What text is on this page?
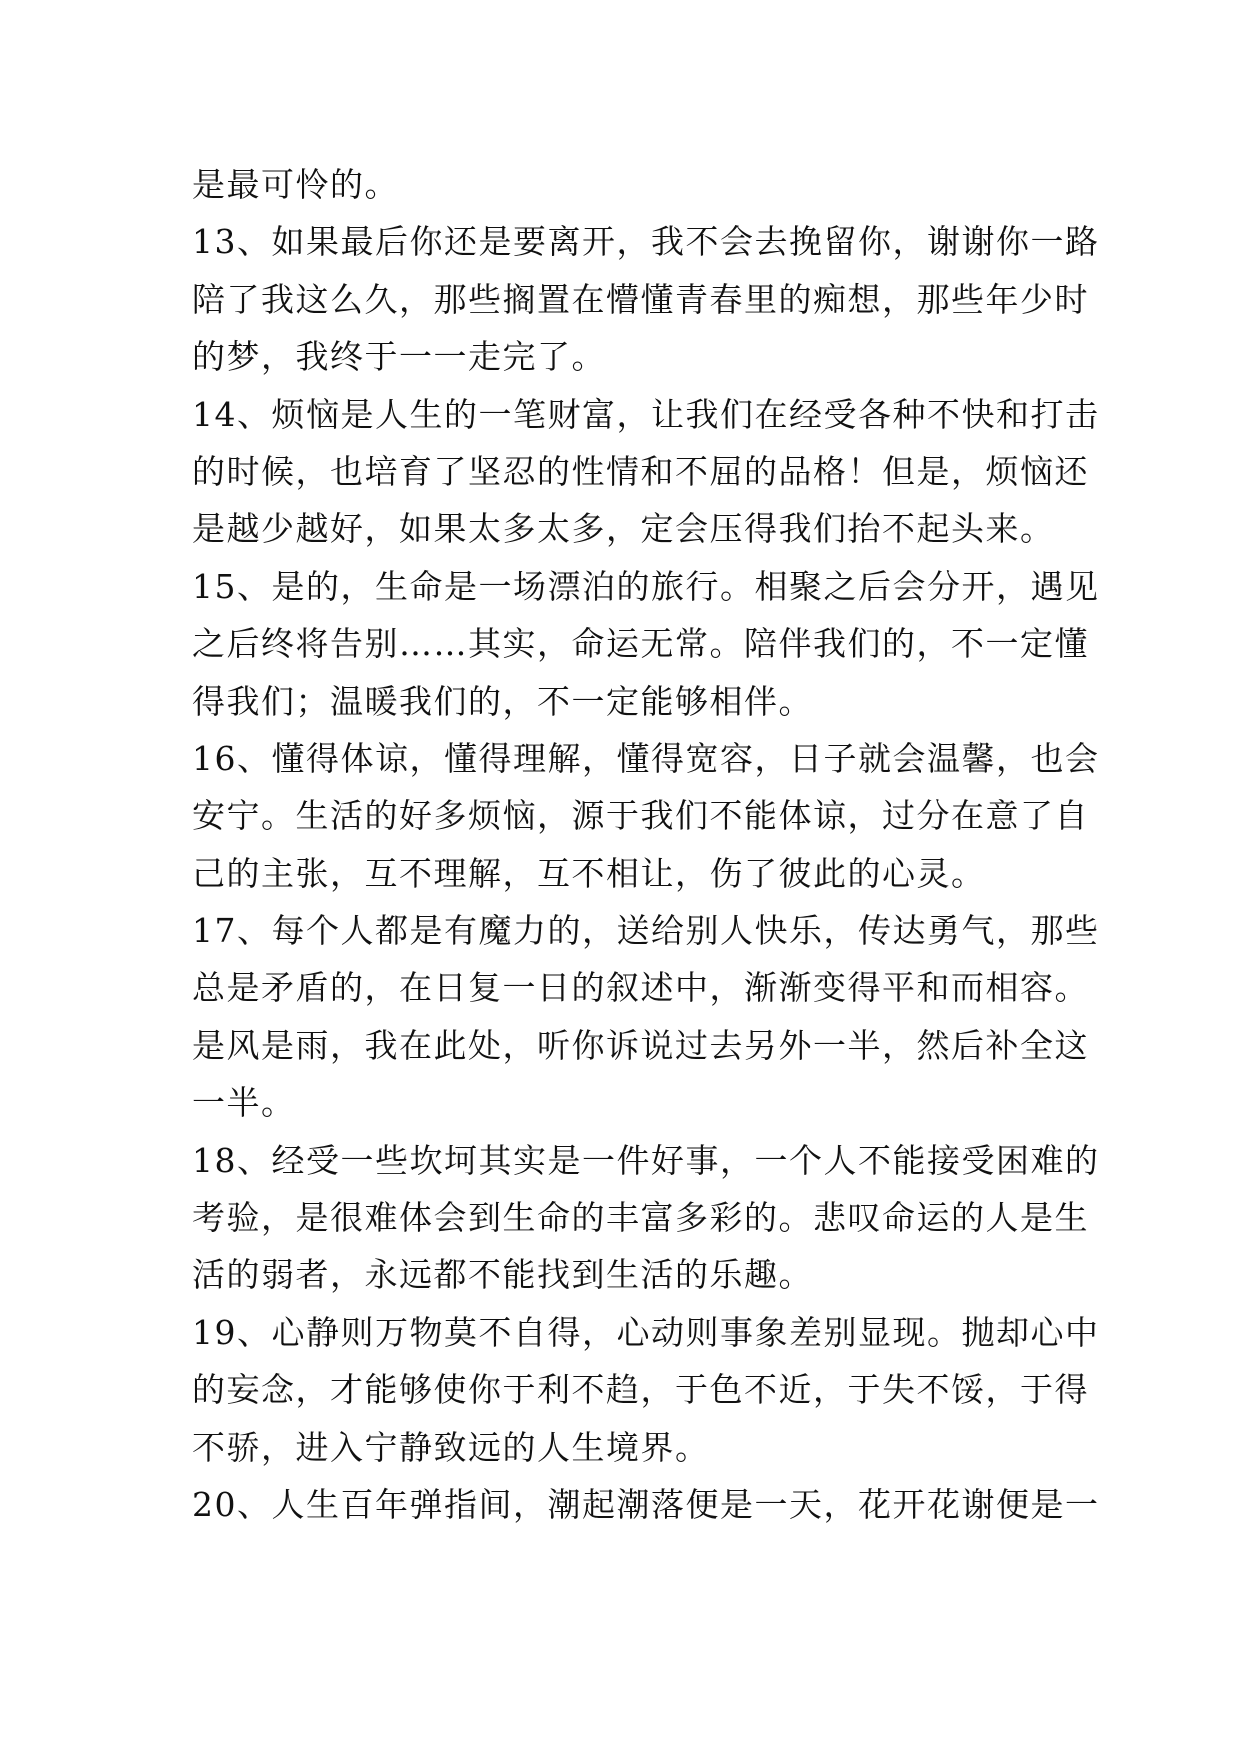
是最可怜的。
13、如果最后你还是要离开，我不会去挽留你，谢谢你一路
陪了我这么久，那些搁置在懵懂青春里的痴想，那些年少时
的梦，我终于一一走完了。
14、烦恼是人生的一笔财富，让我们在经受各种不快和打击
的时候，也培育了坚忍的性情和不屈的品格！但是，烦恼还
是越少越好，如果太多太多，定会压得我们抬不起头来。
15、是的，生命是一场漂泊的旅行。相聚之后会分开，遇见
之后终将告别……其实，命运无常。陪伴我们的，不一定懂
得我们；温暖我们的，不一定能够相伴。
16、懂得体谅，懂得理解，懂得宽容，日子就会温馨，也会
安宁。生活的好多烦恼，源于我们不能体谅，过分在意了自
己的主张，互不理解，互不相让，伤了彼此的心灵。
17、每个人都是有魔力的，送给别人快乐，传达勇气，那些
总是矛盾的，在日复一日的叙述中，渐渐变得平和而相容。
是风是雨，我在此处，听你诉说过去另外一半，然后补全这
一半。
18、经受一些坎坷其实是一件好事，一个人不能接受困难的
考验，是很难体会到生命的丰富多彩的。悲叹命运的人是生
活的弱者，永远都不能找到生活的乐趣。
19、心静则万物莫不自得，心动则事象差别显现。抛却心中
的妄念，才能够使你于利不趋，于色不近，于失不馁，于得
不骄，进入宁静致远的人生境界。
20、人生百年弹指间，潮起潮落便是一天，花开花谢便是一
